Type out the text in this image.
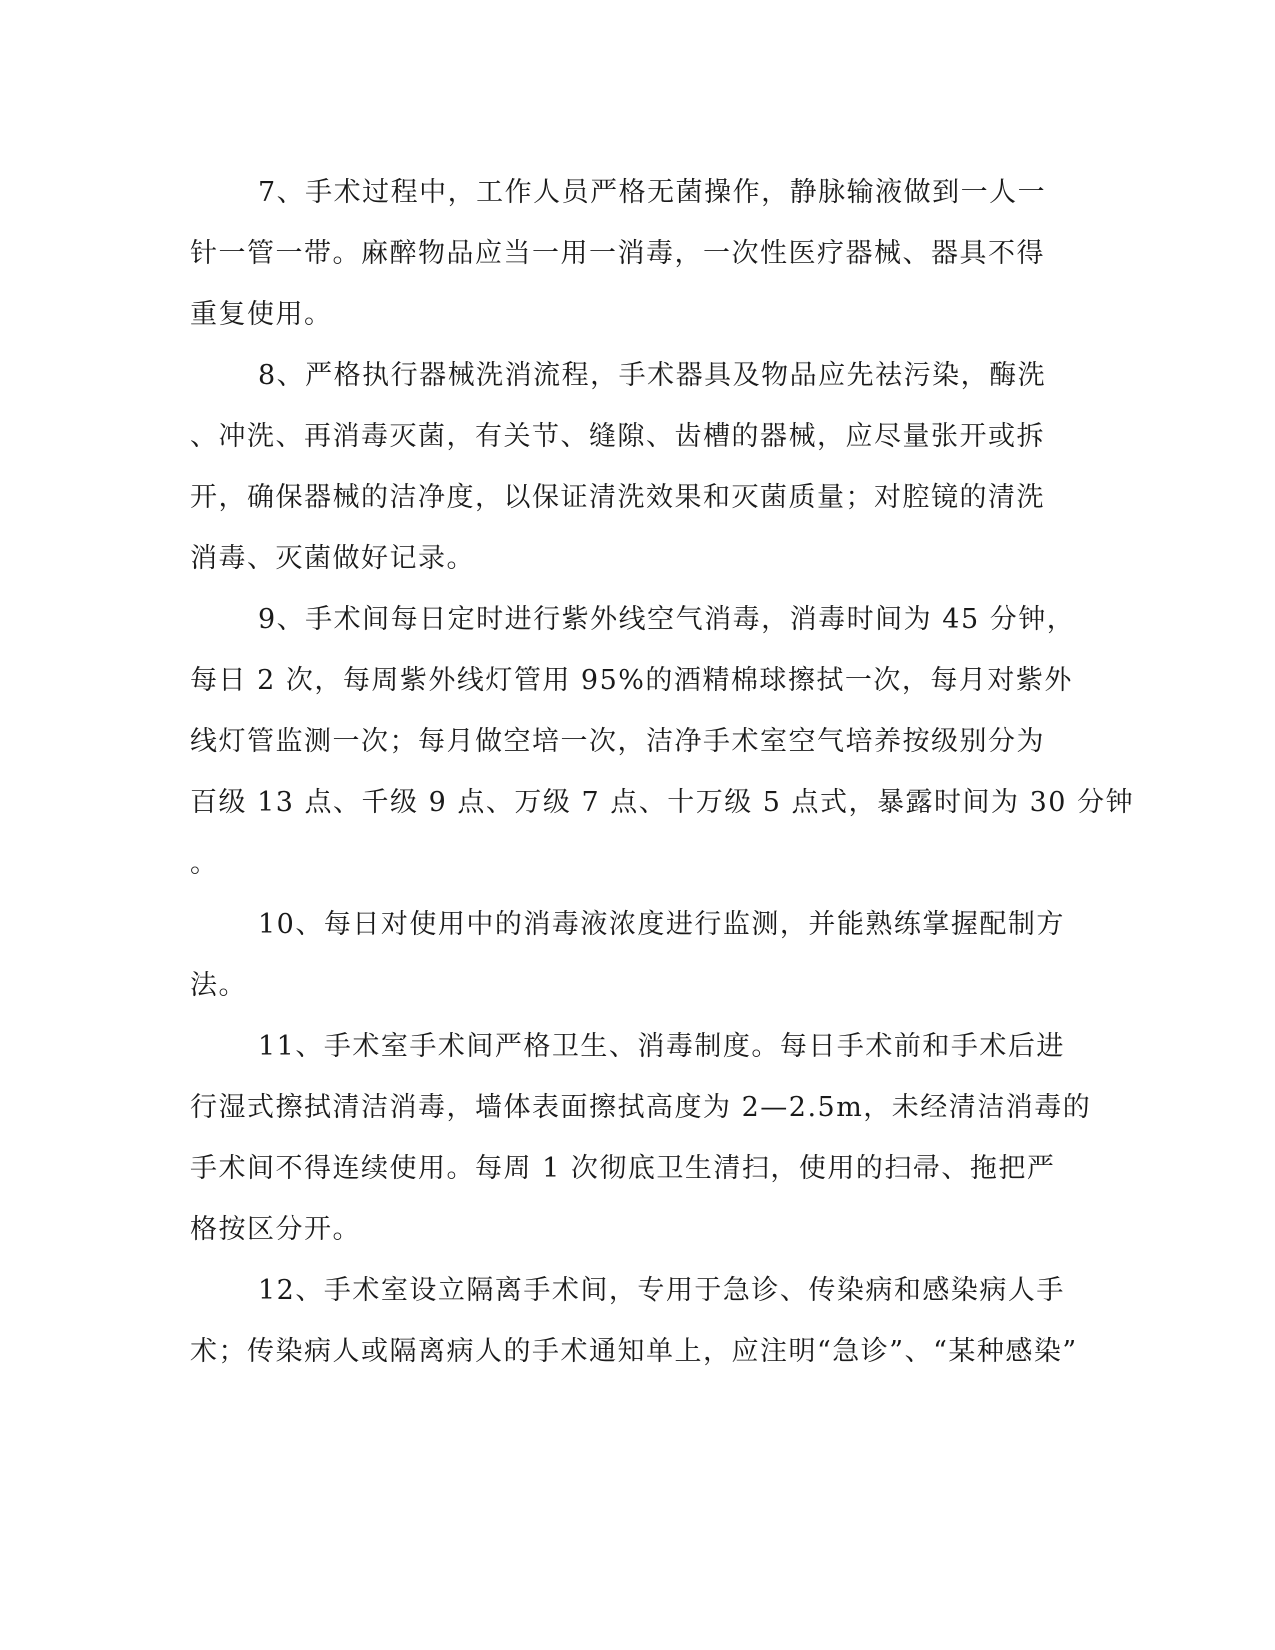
7、手术过程中，工作人员严格无菌操作，静脉输液做到一人一
针一管一带。麻醉物品应当一用一消毒，一次性医疗器械、器具不得
重复使用。
8、严格执行器械洗消流程，手术器具及物品应先祛污染，酶洗
、冲洗、再消毒灭菌，有关节、缝隙、齿槽的器械，应尽量张开或拆
开，确保器械的洁净度，以保证清洗效果和灭菌质量；对腔镜的清洗
消毒、灭菌做好记录。
9、手术间每日定时进行紫外线空气消毒，消毒时间为 45 分钟，
每日 2 次，每周紫外线灯管用 95%的酒精棉球擦拭一次，每月对紫外
线灯管监测一次；每月做空培一次，洁净手术室空气培养按级别分为
百级 13 点、千级 9 点、万级 7 点、十万级 5 点式，暴露时间为 30 分钟
。
10、每日对使用中的消毒液浓度进行监测，并能熟练掌握配制方
法。
11、手术室手术间严格卫生、消毒制度。每日手术前和手术后进
行湿式擦拭清洁消毒，墙体表面擦拭高度为 2—2.5m，未经清洁消毒的
手术间不得连续使用。每周 1 次彻底卫生清扫，使用的扫帚、拖把严
格按区分开。
12、手术室设立隔离手术间，专用于急诊、传染病和感染病人手
术；传染病人或隔离病人的手术通知单上，应注明“急诊”、“某种感染”
